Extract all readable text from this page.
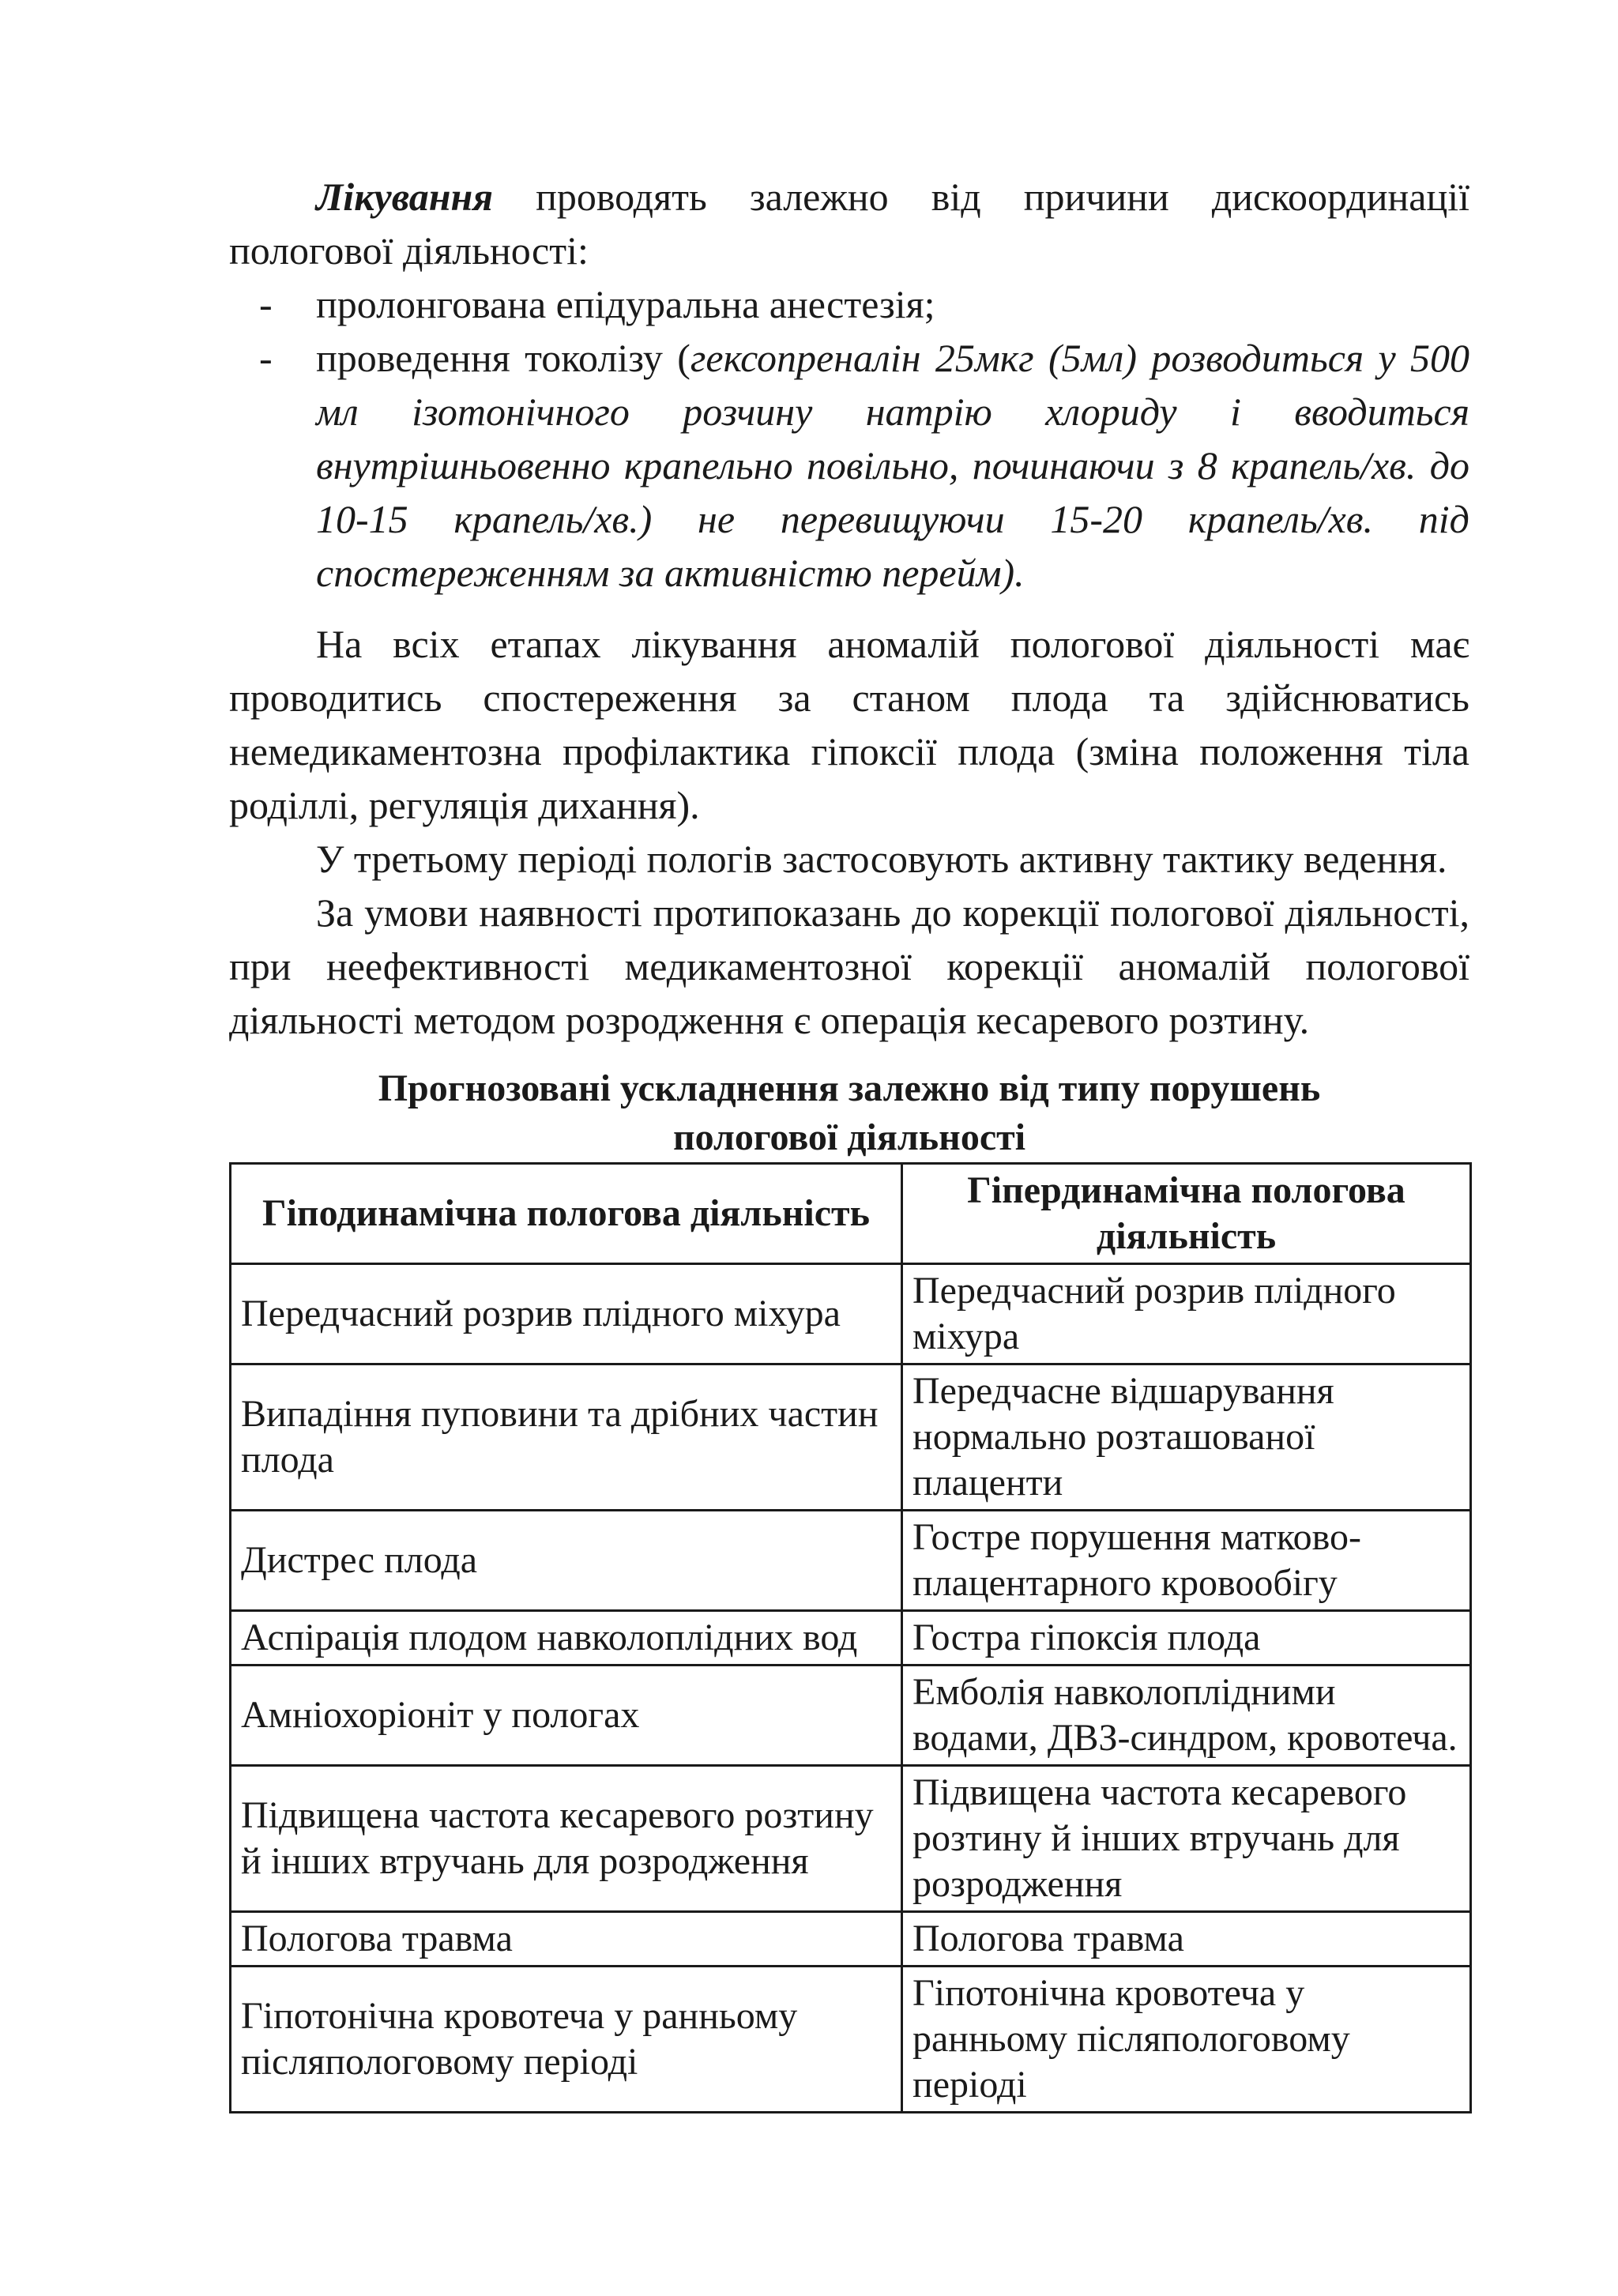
Лікування проводять залежно від причини дискоординації пологової діяльності:

- пролонгована епідуральна анестезія;
- проведення токолізу (гексопреналін 25мкг (5мл) розводиться у 500 мл ізотонічного розчину натрію хлориду і вводиться внутрішньовенно крапельно повільно, починаючи з 8 крапель/хв. до 10-15 крапель/хв.) не перевищуючи 15-20 крапель/хв. під спостереженням за активністю перейм).

На всіх етапах лікування аномалій пологової діяльності має проводитись спостереження за станом плода та здійснюватись немедикаментозна профілактика гіпоксії плода (зміна положення тіла роділлі, регуляція дихання).

У третьому періоді пологів застосовують активну тактику ведення.

За умови наявності протипоказань до корекції пологової діяльності, при неефективності медикаментозної корекції аномалій пологової діяльності методом розродження є операція кесаревого розтину.

Прогнозовані ускладнення залежно від типу порушень
пологової діяльності
Гіподинамічна пологова діяльність	Гіпердинамічна пологова діяльність
Передчасний розрив плідного міхура	Передчасний розрив плідного міхура
Випадіння пуповини та дрібних частин плода	Передчасне відшарування нормально розташованої плаценти
Дистрес плода	Гостре порушення матково-плацентарного кровообігу
Аспірація плодом навколоплідних вод	Гостра гіпоксія плода
Амніохоріоніт у пологах	Емболія навколоплідними водами, ДВЗ-синдром, кровотеча.
Підвищена частота кесаревого розтину й інших втручань для розродження	Підвищена частота кесаревого розтину й інших втручань для розродження
Пологова травма	Пологова травма
Гіпотонічна кровотеча у ранньому післяпологовому періоді	Гіпотонічна кровотеча у ранньому післяпологовому періоді
